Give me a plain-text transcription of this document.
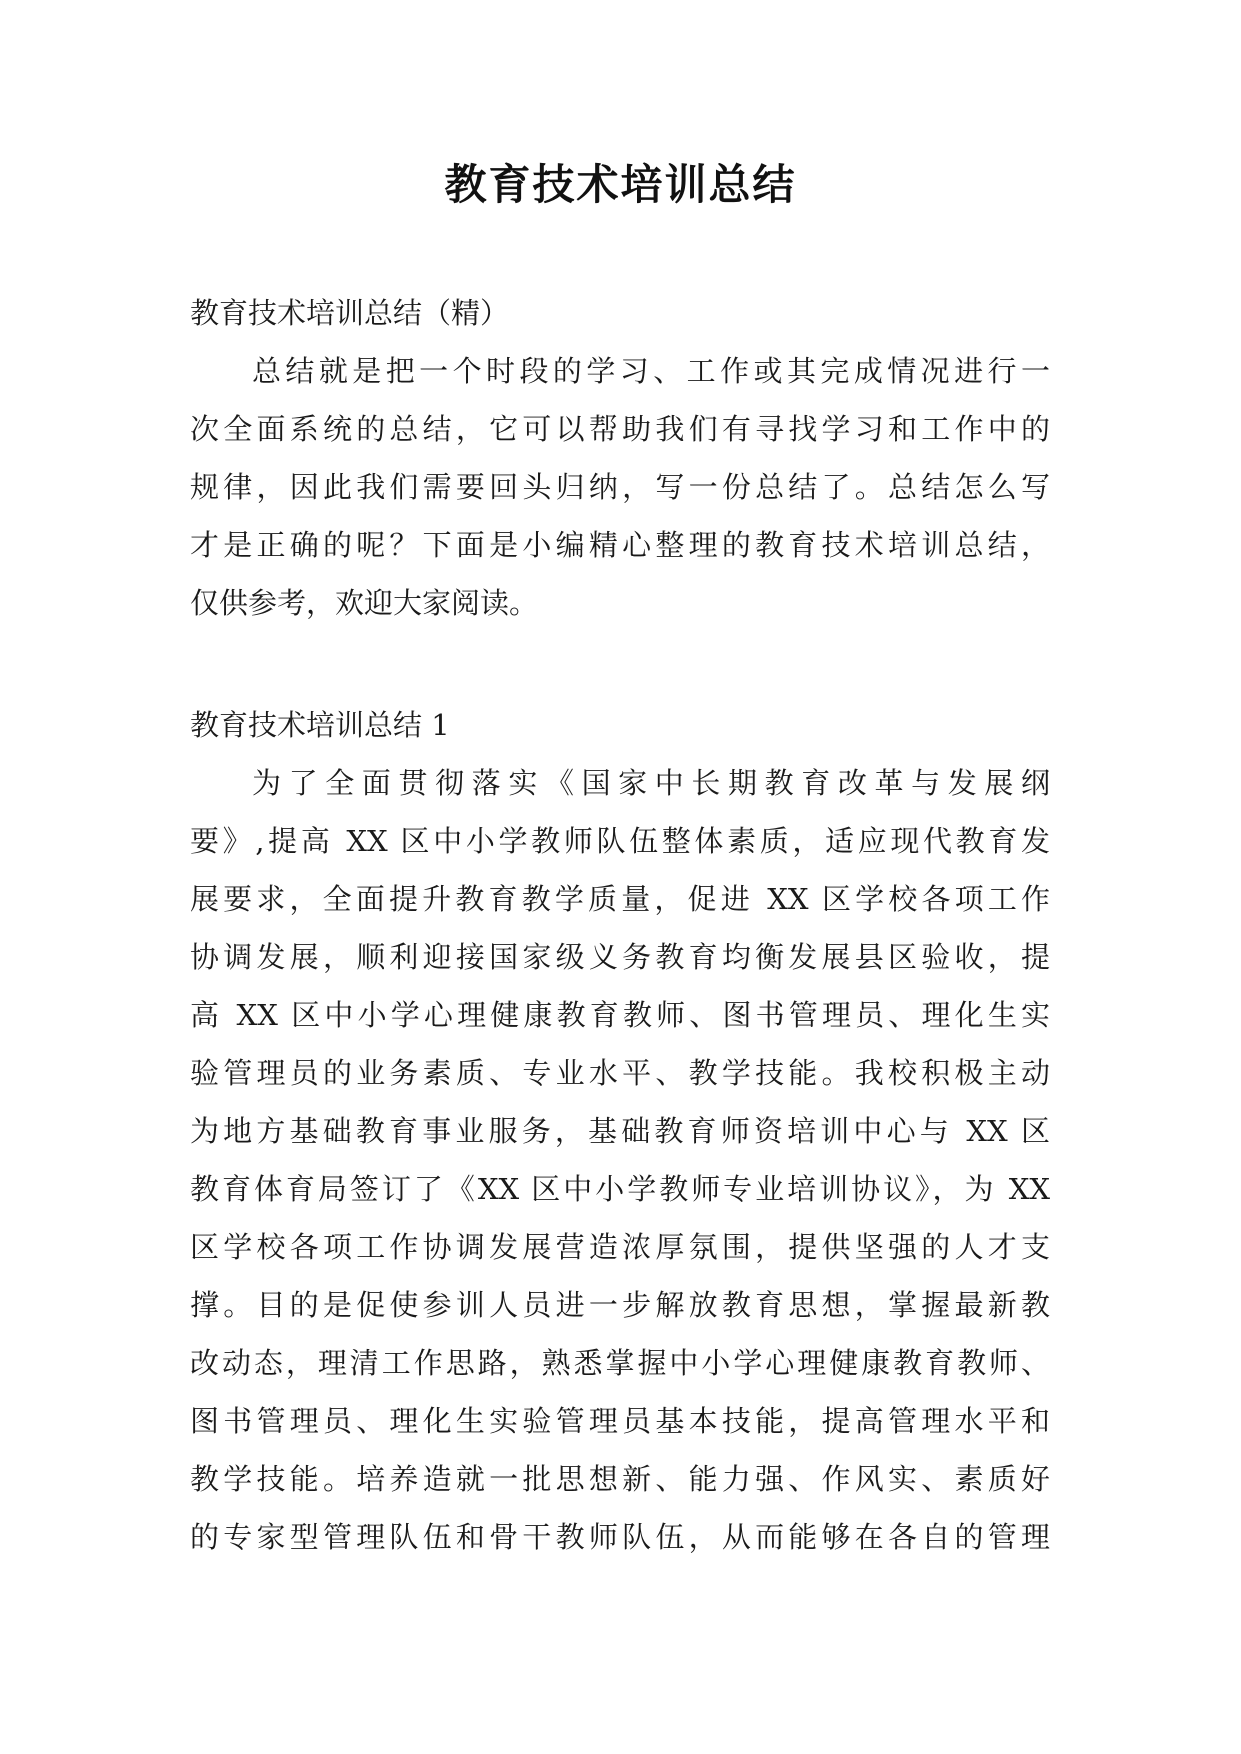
教育技术培训总结
教育技术培训总结（精）
总结就是把一个时段的学习、工作或其完成情况进行一
次全面系统的总结，它可以帮助我们有寻找学习和工作中的
规律，因此我们需要回头归纳，写一份总结了。总结怎么写
才是正确的呢？下面是小编精心整理的教育技术培训总结，
仅供参考，欢迎大家阅读。
教育技术培训总结 1
为了全面贯彻落实《国家中长期教育改革与发展纲
要》,提高 XX 区中小学教师队伍整体素质，适应现代教育发
展要求，全面提升教育教学质量，促进 XX 区学校各项工作
协调发展，顺利迎接国家级义务教育均衡发展县区验收，提
高 XX 区中小学心理健康教育教师、图书管理员、理化生实
验管理员的业务素质、专业水平、教学技能。我校积极主动
为地方基础教育事业服务，基础教育师资培训中心与 XX 区
教育体育局签订了《XX 区中小学教师专业培训协议》，为 XX
区学校各项工作协调发展营造浓厚氛围，提供坚强的人才支
撑。目的是促使参训人员进一步解放教育思想，掌握最新教
改动态，理清工作思路，熟悉掌握中小学心理健康教育教师、
图书管理员、理化生实验管理员基本技能，提高管理水平和
教学技能。培养造就一批思想新、能力强、作风实、素质好
的专家型管理队伍和骨干教师队伍，从而能够在各自的管理
